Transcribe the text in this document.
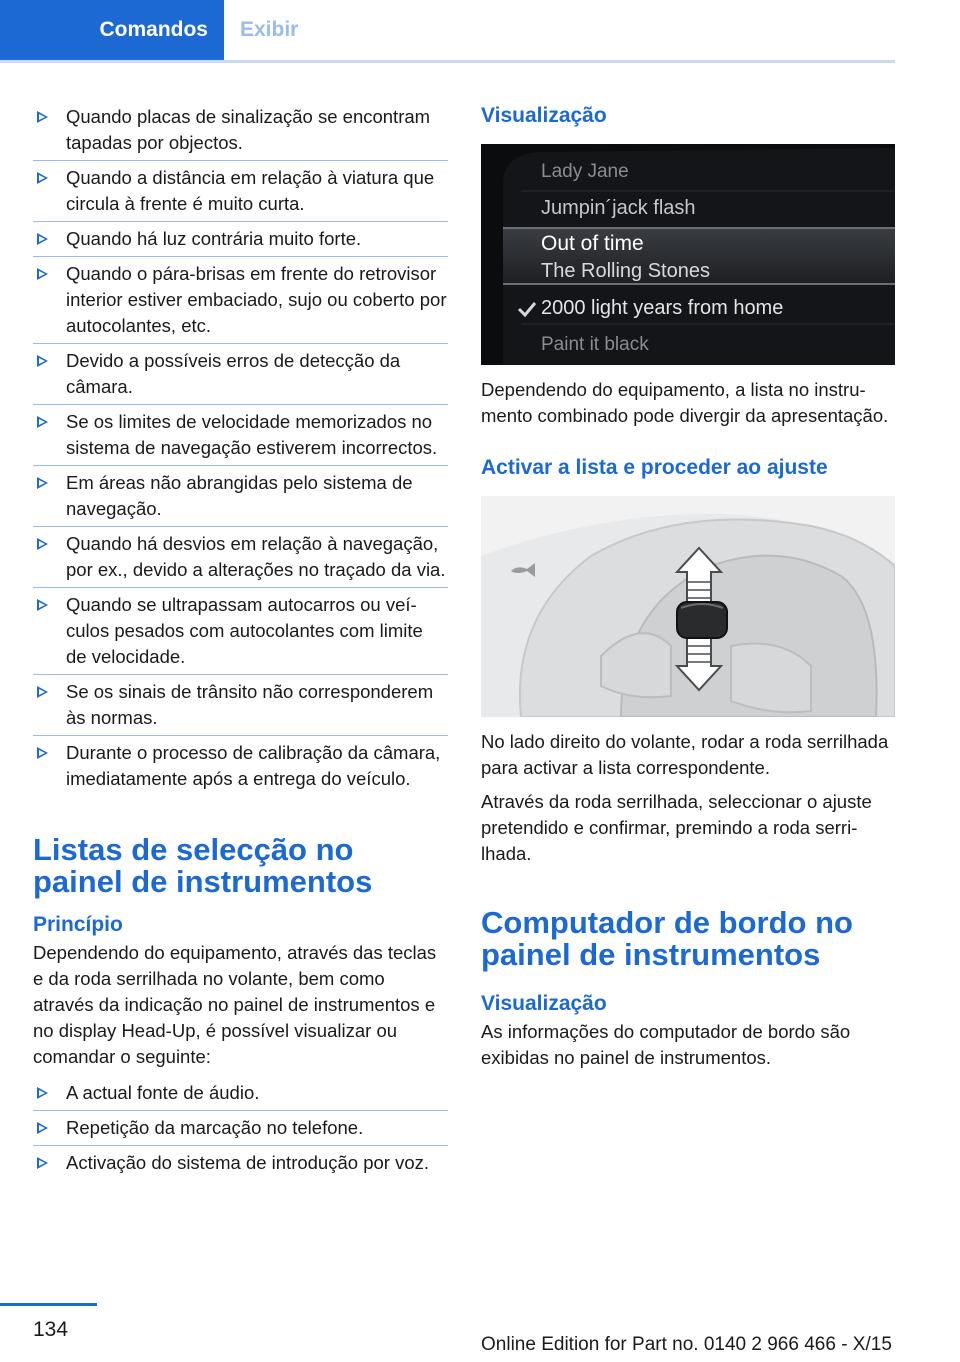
Comandos	Exibir
Quando placas de sinalização se encontram tapadas por objectos.
Quando a distância em relação à viatura que circula à frente é muito curta.
Quando há luz contrária muito forte.
Quando o pára-brisas em frente do retrovisor interior estiver embaciado, sujo ou coberto por autocolantes, etc.
Devido a possíveis erros de detecção da câmara.
Se os limites de velocidade memorizados no sistema de navegação estiverem incorrectos.
Em áreas não abrangidas pelo sistema de navegação.
Quando há desvios em relação à navegação, por ex., devido a alterações no traçado da via.
Quando se ultrapassam autocarros ou veículos pesados com autocolantes com limite de velocidade.
Se os sinais de trânsito não corresponderem às normas.
Durante o processo de calibração da câmara, imediatamente após a entrega do veículo.
Listas de selecção no painel de instrumentos
Princípio

Dependendo do equipamento, através das teclas e da roda serrilhada no volante, bem como através da indicação no painel de instrumentos e no display Head-Up, é possível visualizar ou comandar o seguinte:

A actual fonte de áudio.
Repetição da marcação no telefone.
Activação do sistema de introdução por voz.
Visualização
Lady Jane
Jumpin´jack flash
Out of time
The Rolling Stones
2000 light years from home
Paint it black

Dependendo do equipamento, a lista no instrumento combinado pode divergir da apresentação.

Activar a lista e proceder ao ajuste

No lado direito do volante, rodar a roda serrilhada para activar a lista correspondente.

Através da roda serrilhada, seleccionar o ajuste pretendido e confirmar, premindo a roda serrilhada.

Computador de bordo no painel de instrumentos
Visualização

As informações do computador de bordo são exibidas no painel de instrumentos.

134
Online Edition for Part no. 0140 2 966 466 - X/15
